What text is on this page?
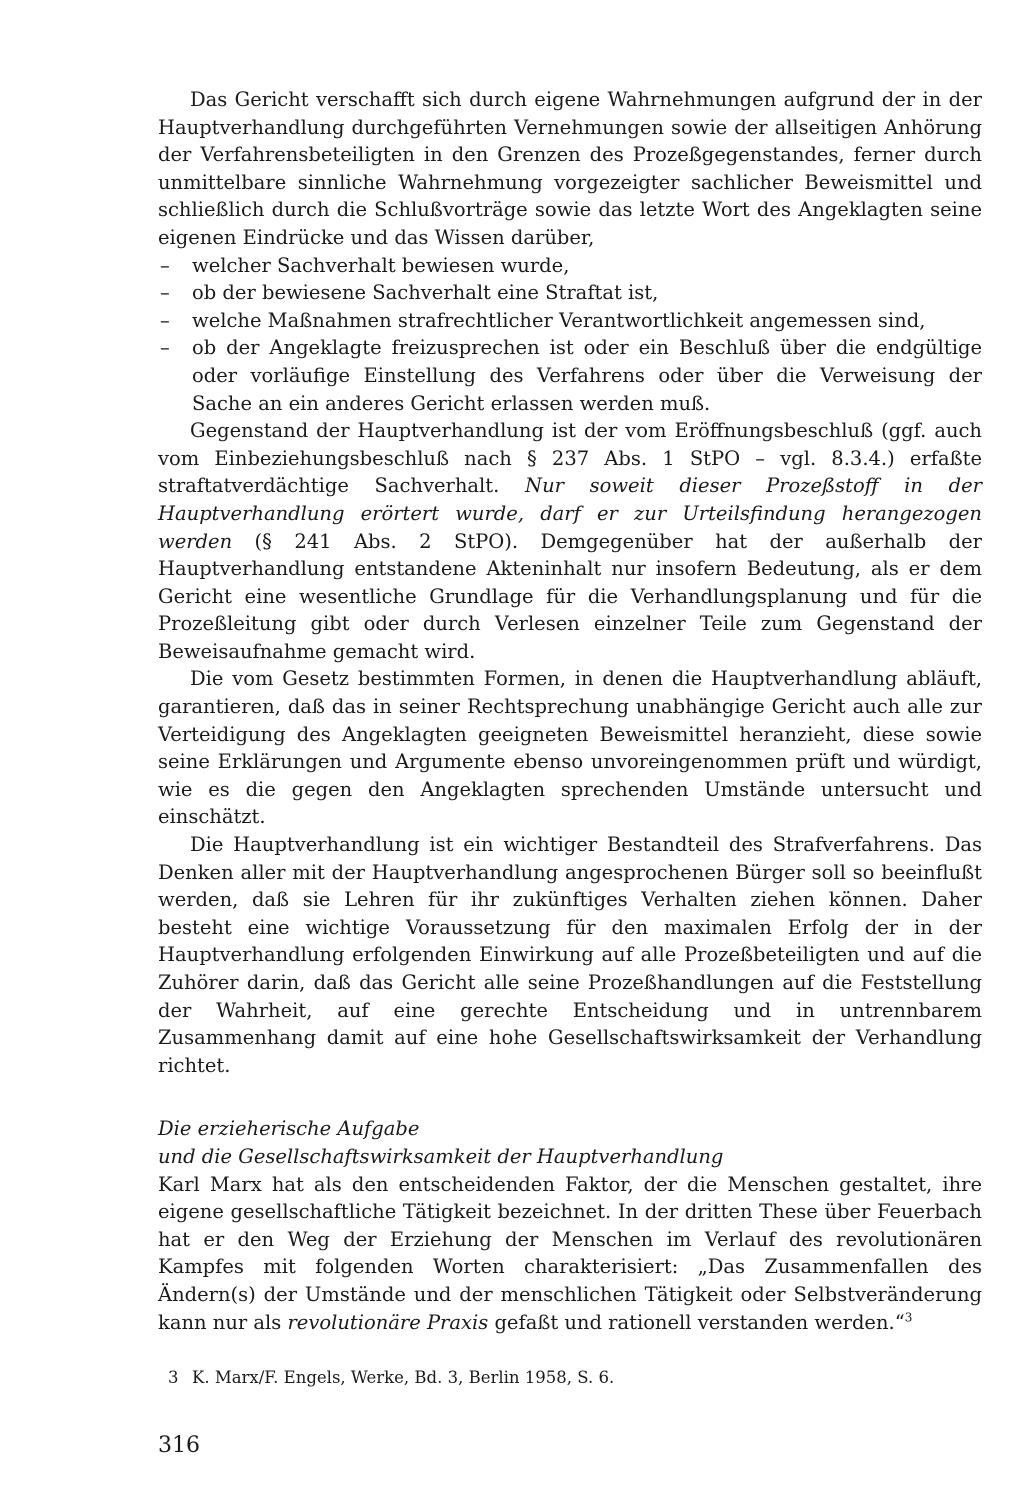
Das Gericht verschafft sich durch eigene Wahrnehmungen aufgrund der in der Hauptverhandlung durchgeführten Vernehmungen sowie der allseitigen Anhörung der Verfahrensbeteiligten in den Grenzen des Prozeßgegenstandes, ferner durch unmittelbare sinnliche Wahrnehmung vorgezeigter sachlicher Beweismittel und schließlich durch die Schlußvorträge sowie das letzte Wort des Angeklagten seine eigenen Eindrücke und das Wissen darüber,

– welcher Sachverhalt bewiesen wurde,
– ob der bewiesene Sachverhalt eine Straftat ist,
– welche Maßnahmen strafrechtlicher Verantwortlichkeit angemessen sind,
– ob der Angeklagte freizusprechen ist oder ein Beschluß über die endgültige oder vorläufige Einstellung des Verfahrens oder über die Verweisung der Sache an ein anderes Gericht erlassen werden muß.

Gegenstand der Hauptverhandlung ist der vom Eröffnungsbeschluß (ggf. auch vom Einbeziehungsbeschluß nach § 237 Abs. 1 StPO – vgl. 8.3.4.) erfaßte straftatverdächtige Sachverhalt. Nur soweit dieser Prozeßstoff in der Hauptverhandlung erörtert wurde, darf er zur Urteilsfindung herangezogen werden (§ 241 Abs. 2 StPO). Demgegenüber hat der außerhalb der Hauptverhandlung entstandene Akteninhalt nur insofern Bedeutung, als er dem Gericht eine wesentliche Grundlage für die Verhandlungsplanung und für die Prozeßleitung gibt oder durch Verlesen einzelner Teile zum Gegenstand der Beweisaufnahme gemacht wird.

Die vom Gesetz bestimmten Formen, in denen die Hauptverhandlung abläuft, garantieren, daß das in seiner Rechtsprechung unabhängige Gericht auch alle zur Verteidigung des Angeklagten geeigneten Beweismittel heranzieht, diese sowie seine Erklärungen und Argumente ebenso unvoreingenommen prüft und würdigt, wie es die gegen den Angeklagten sprechenden Umstände untersucht und einschätzt.

Die Hauptverhandlung ist ein wichtiger Bestandteil des Strafverfahrens. Das Denken aller mit der Hauptverhandlung angesprochenen Bürger soll so beeinflußt werden, daß sie Lehren für ihr zukünftiges Verhalten ziehen können. Daher besteht eine wichtige Voraussetzung für den maximalen Erfolg der in der Hauptverhandlung erfolgenden Einwirkung auf alle Prozeßbeteiligten und auf die Zuhörer darin, daß das Gericht alle seine Prozeßhandlungen auf die Feststellung der Wahrheit, auf eine gerechte Entscheidung und in untrennbarem Zusammenhang damit auf eine hohe Gesellschaftswirksamkeit der Verhandlung richtet.

Die erzieherische Aufgabe
und die Gesellschaftswirksamkeit der Hauptverhandlung

Karl Marx hat als den entscheidenden Faktor, der die Menschen gestaltet, ihre eigene gesellschaftliche Tätigkeit bezeichnet. In der dritten These über Feuerbach hat er den Weg der Erziehung der Menschen im Verlauf des revolutionären Kampfes mit folgenden Worten charakterisiert: „Das Zusammenfallen des Ändern(s) der Umstände und der menschlichen Tätigkeit oder Selbstveränderung kann nur als revolutionäre Praxis gefaßt und rationell verstanden werden.“$^3$

3 K. Marx/F. Engels, Werke, Bd. 3, Berlin 1958, S. 6.
316
